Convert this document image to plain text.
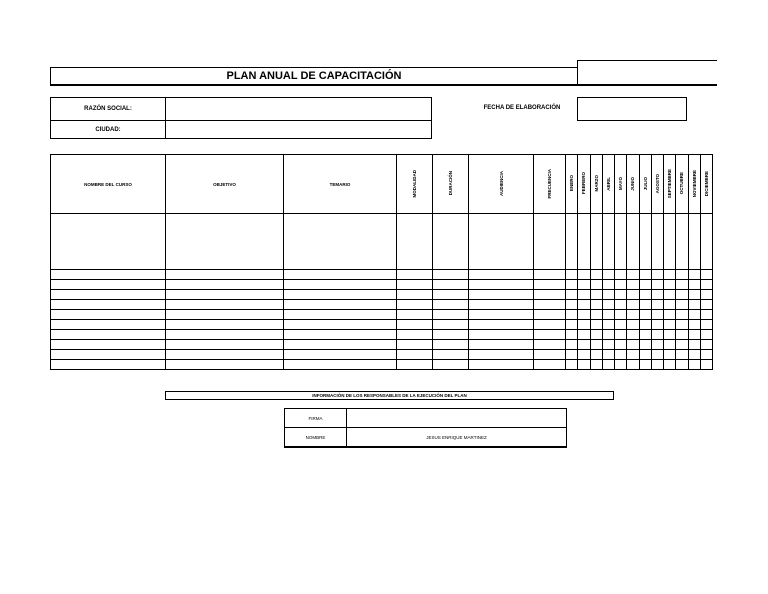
PLAN ANUAL DE CAPACITACIÓN
RAZÓN SOCIAL:
CIUDAD:
FECHA DE ELABORACIÓN
NOMBRE DEL CURSO	OBJETIVO	TEMARIO	MODALIDAD	DURACIÓN	AUDIENCIA	FRECUENCIA	ENERO	FEBRERO	MARZO	ABRIL	MAYO	JUNIO	JULIO	AGOSTO	SEPTIEMBRE	OCTUBRE	NOVIEMBRE	DICIEMBRE

INFORMACIÓN DE LOS RESPONSABLES DE LA EJECUCIÓN DEL PLAN
FIRMA	
NOMBRE	JESUS ENRIQUE MARTINEZ
